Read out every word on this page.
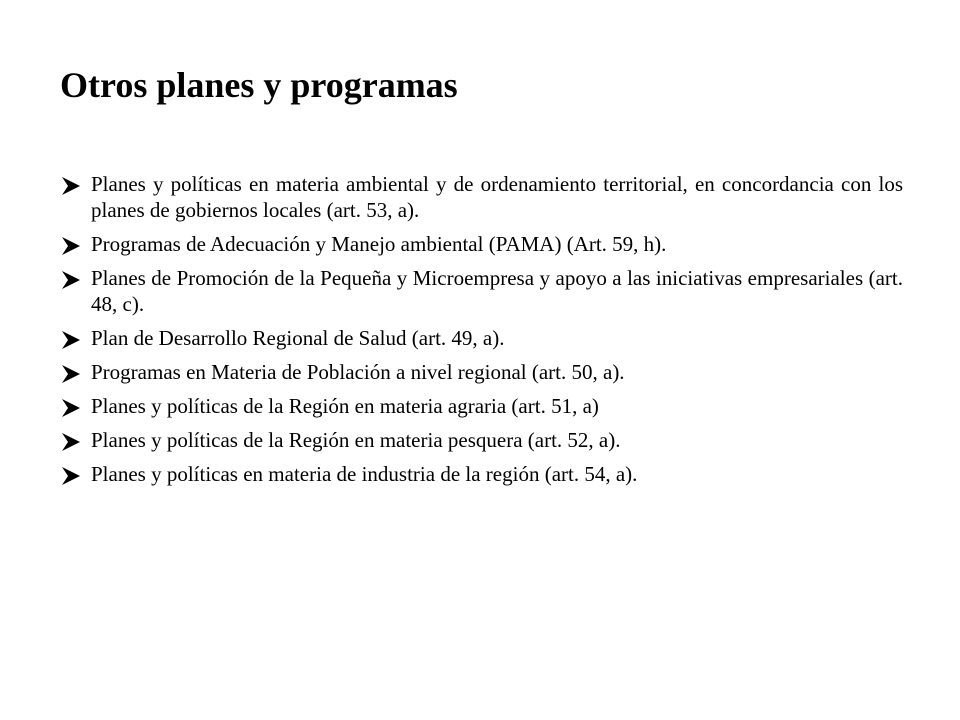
Otros planes y programas
Planes y políticas en materia ambiental y de ordenamiento territorial, en concordancia con los planes de gobiernos locales (art. 53, a).
Programas de Adecuación y Manejo ambiental (PAMA) (Art. 59, h).
Planes de Promoción de la Pequeña y Microempresa y apoyo a las iniciativas empresariales (art. 48, c).
Plan de Desarrollo Regional de Salud (art. 49, a).
Programas en Materia de Población a nivel regional (art. 50, a).
Planes y políticas de la Región en materia agraria (art. 51, a)
Planes y políticas de la Región en materia pesquera (art. 52, a).
Planes y políticas en materia de industria de la región (art. 54, a).
